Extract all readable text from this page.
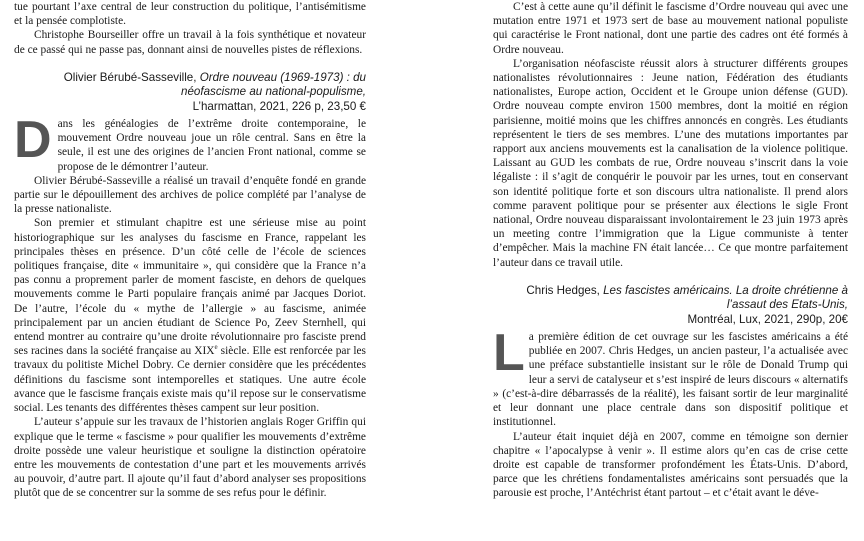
tue pourtant l’axe central de leur construction du politique, l’antisémitisme et la pensée complotiste.

Christophe Bourseiller offre un travail à la fois synthétique et novateur de ce passé qui ne passe pas, donnant ainsi de nouvelles pistes de réflexions.

Olivier Bérubé-Sasseville, Ordre nouveau (1969-1973) : du néofascisme au national-populisme,
L’harmattan, 2021, 226 p, 23,50 €

Dans les généalogies de l’extrême droite contemporaine, le mouvement Ordre nouveau joue un rôle central. Sans en être la seule, il est une des origines de l’ancien Front national, comme se propose de le démontrer l’auteur.

Olivier Bérubé-Sasseville a réalisé un travail d’enquête fondé en grande partie sur le dépouillement des archives de police complété par l’analyse de la presse nationaliste.

Son premier et stimulant chapitre est une sérieuse mise au point historiographique sur les analyses du fascisme en France, rappelant les principales thèses en présence. D’un côté celle de l’école de sciences politiques française, dite « immunitaire », qui considère que la France n’a pas connu a proprement parler de moment fasciste, en dehors de quelques mouvements comme le Parti populaire français animé par Jacques Doriot. De l’autre, l’école du « mythe de l’allergie » au fascisme, animée principalement par un ancien étudiant de Science Po, Zeev Sternhell, qui entend montrer au contraire qu’une droite révolutionnaire pro fasciste prend ses racines dans la société française au XIXe siècle. Elle est renforcée par les travaux du politiste Michel Dobry. Ce dernier considère que les précédentes définitions du fascisme sont intemporelles et statiques. Une autre école avance que le fascisme français existe mais qu’il repose sur le conservatisme social. Les tenants des différentes thèses campent sur leur position.

L’auteur s’appuie sur les travaux de l’historien anglais Roger Griffin qui explique que le terme « fascisme » pour qualifier les mouvements d’extrême droite possède une valeur heuristique et souligne la distinction opératoire entre les mouvements de contestation d’une part et les mouvements arrivés au pouvoir, d’autre part. Il ajoute qu’il faut d’abord analyser ses propositions plutôt que de se concentrer sur la somme de ses refus pour le définir.

C’est à cette aune qu’il définit le fascisme d’Ordre nouveau qui avec une mutation entre 1971 et 1973 sert de base au mouvement national populiste qui caractérise le Front national, dont une partie des cadres ont été formés à Ordre nouveau.

L’organisation néofasciste réussit alors à structurer différents groupes nationalistes révolutionnaires : Jeune nation, Fédération des étudiants nationalistes, Europe action, Occident et le Groupe union défense (GUD). Ordre nouveau compte environ 1500 membres, dont la moitié en région parisienne, moitié moins que les chiffres annoncés en congrès. Les étudiants représentent le tiers de ses membres. L’une des mutations importantes par rapport aux anciens mouvements est la canalisation de la violence politique. Laissant au GUD les combats de rue, Ordre nouveau s’inscrit dans la voie légaliste : il s’agit de conquérir le pouvoir par les urnes, tout en conservant son identité politique forte et son discours ultra nationaliste. Il prend alors comme paravent politique pour se présenter aux élections le sigle Front national, Ordre nouveau disparaissant involontairement le 23 juin 1973 après un meeting contre l’immigration que la Ligue communiste à tenter d’empêcher. Mais la machine FN était lancée… Ce que montre parfaitement l’auteur dans ce travail utile.

Chris Hedges, Les fascistes américains. La droite chrétienne à l’assaut des Etats-Unis,
Montréal, Lux, 2021, 290p, 20€

La première édition de cet ouvrage sur les fascistes américains a été publiée en 2007. Chris Hedges, un ancien pasteur, l’a actualisée avec une préface substantielle insistant sur le rôle de Donald Trump qui leur a servi de catalyseur et s’est inspiré de leurs discours « alternatifs » (c’est-à-dire débarrassés de la réalité), les faisant sortir de leur marginalité et leur donnant une place centrale dans son dispositif politique et institutionnel.

L’auteur était inquiet déjà en 2007, comme en témoigne son dernier chapitre « l’apocalypse à venir ». Il estime alors qu’en cas de crise cette droite est capable de transformer profondément les États-Unis. D’abord, parce que les chrétiens fondamentalistes américains sont persuadés que la parousie est proche, l’Antéchrist étant partout – et c’était avant le déve-
